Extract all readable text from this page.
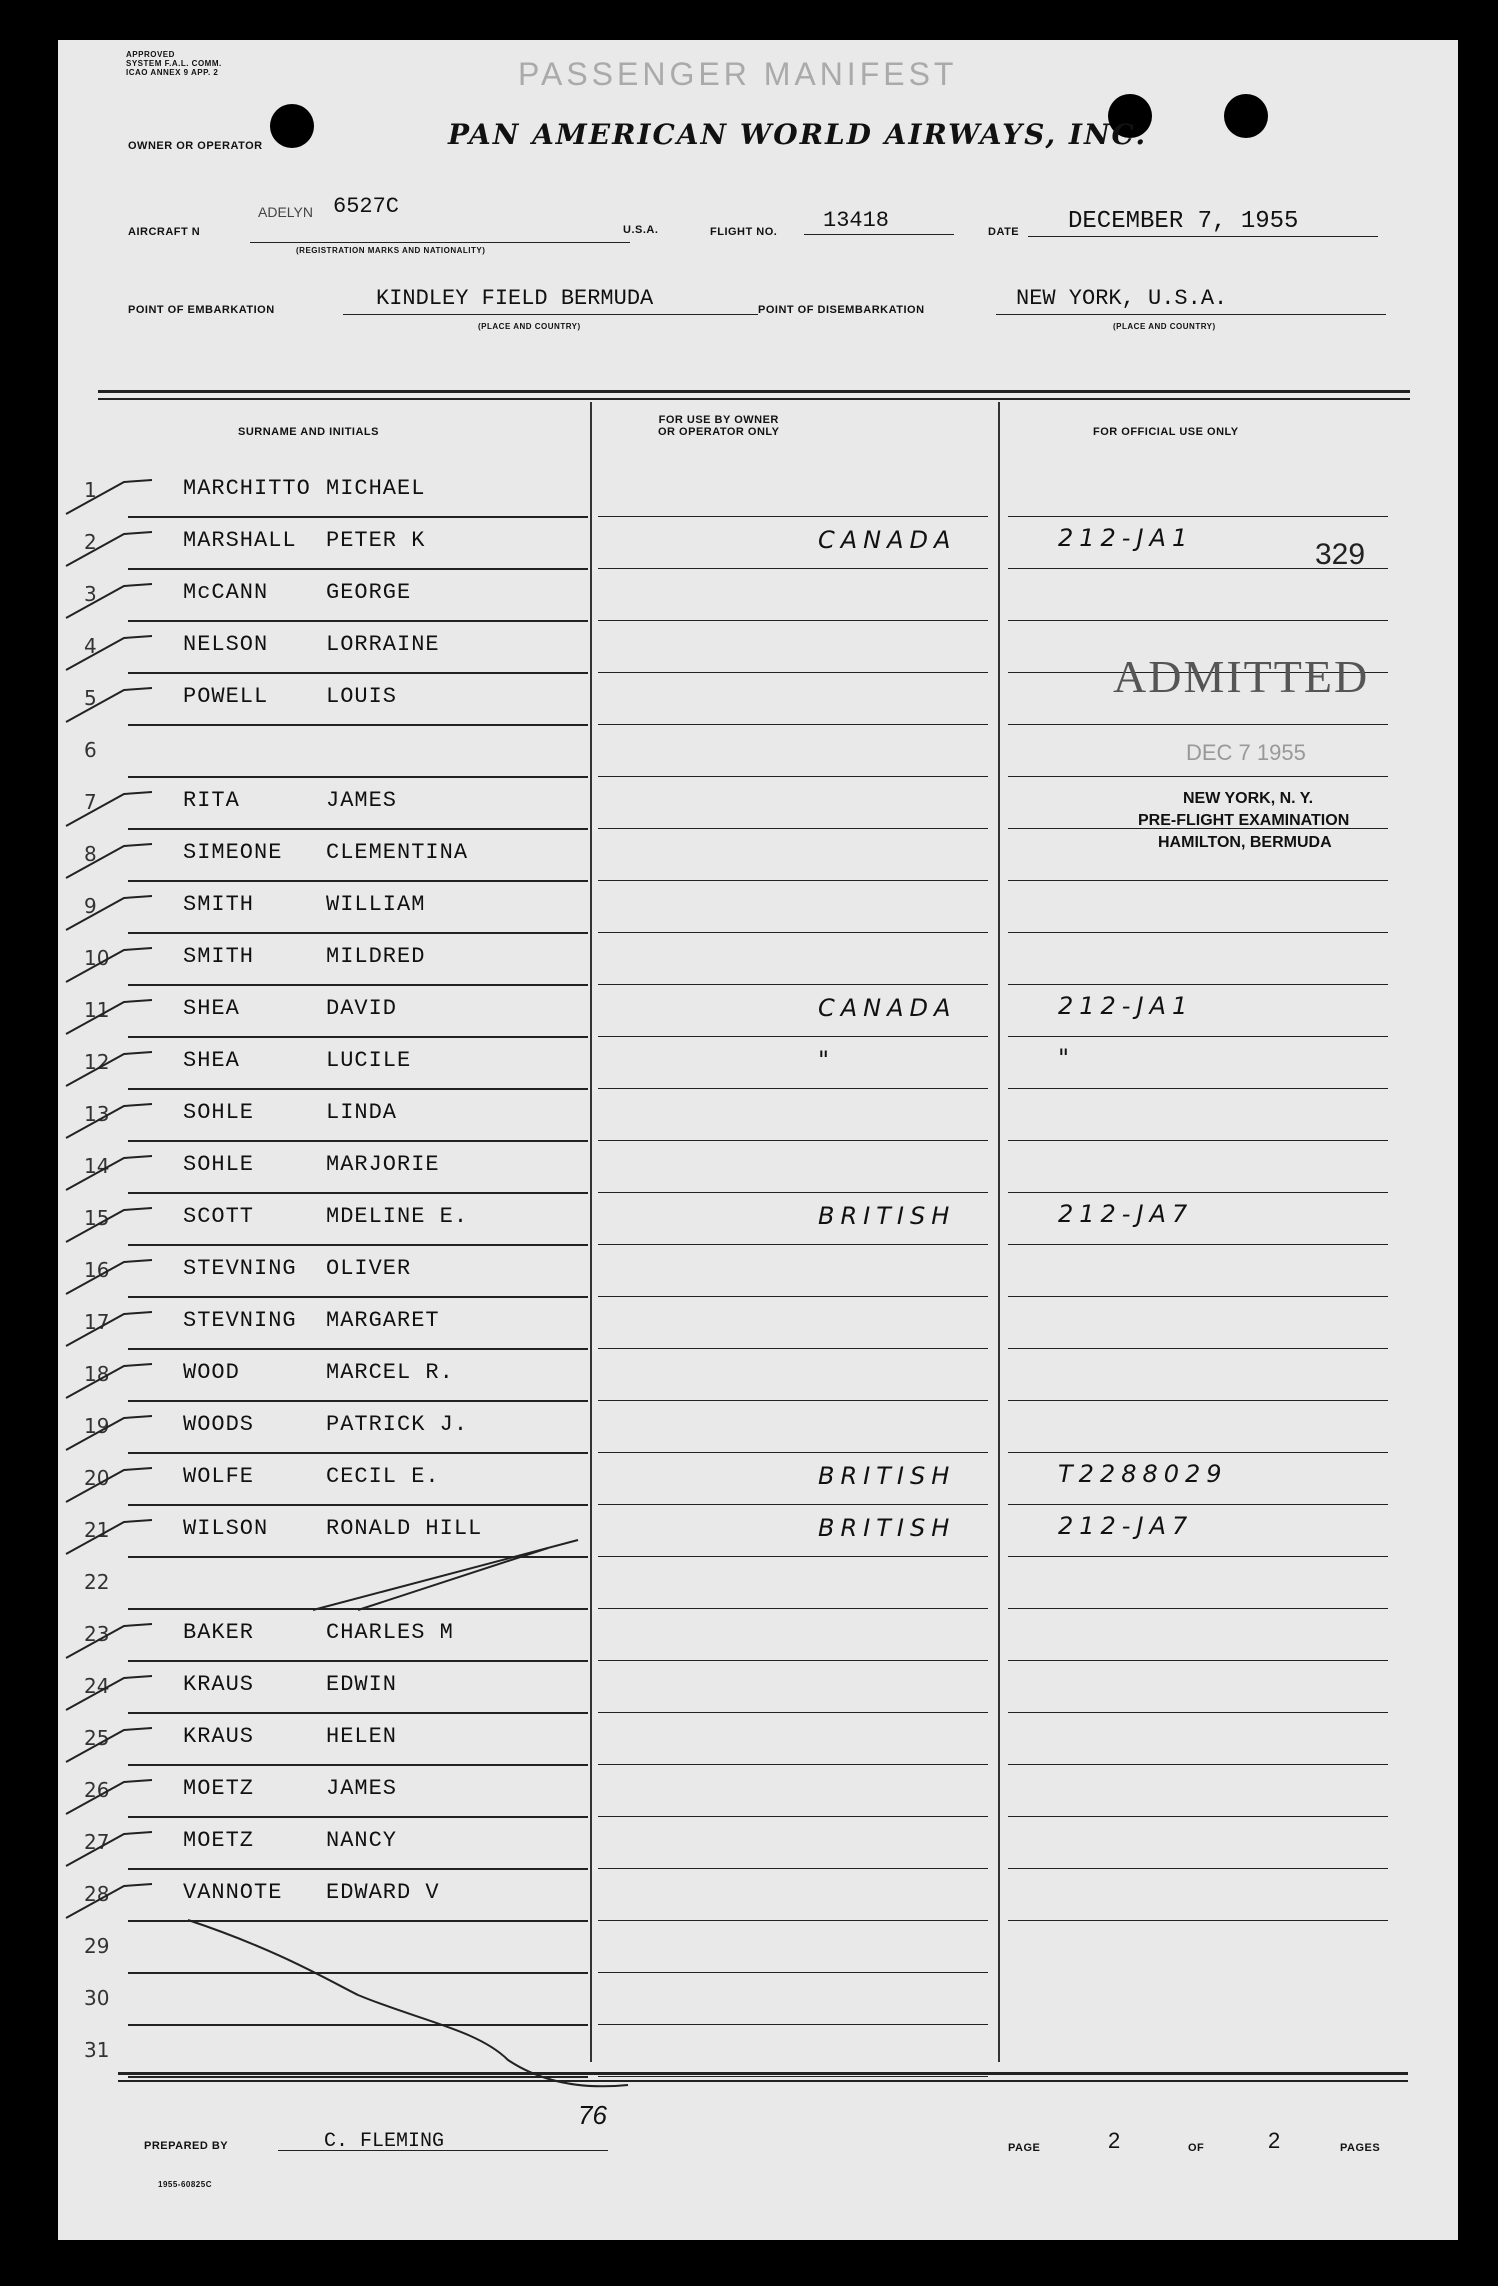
APPROVED
SYSTEM F.A.L. COMM.
ICAO ANNEX 9 APP. 2	PASSENGER MANIFEST
OWNER OR OPERATOR	PAN AMERICAN WORLD AIRWAYS, INC.
AIRCRAFT N
6527C
(REGISTRATION MARKS AND NATIONALITY)
U.S.A.	FLIGHT NO. 13418	DATE DECEMBER 7, 1955
POINT OF EMBARKATION	KINDLEY FIELD BERMUDA
(PLACE AND COUNTRY)
POINT OF DISEMBARKATION	NEW YORK, U.S.A.
(PLACE AND COUNTRY)
SURNAME AND INITIALS
FOR USE BY OWNER
OR OPERATOR ONLY	FOR OFFICIAL USE ONLY
1	MARCHITTO MICHAEL
2	MARSHALL PETER K	CANADA	212-JA1
3	McCANN	GEORGE
4	NELSON	LORRAINE
5	POWELL	LOUIS
6
7	RITA	JAMES
8	SIMEONE CLEMENTINA
9	SMITH	WILLIAM
10	SMITH	MILDRED
11	SHEA	DAVID	CANADA	212-JA1
12	SHEA	LUCILE	"	"
13	SOHLE	LINDA
14	SOHLE	MARJORIE
15	SCOTT	MDELINE E.	BRITISH	212-JA7
16	STEVNING OLIVER
17	STEVNING MARGARET
18	WOOD	MARCEL R.
19	WOODS	PATRICK J.
20	WOLFE	CECIL E.	BRITISH	T2288029
21	WILSON	RONALD HILL	BRITISH	212-JA7
22
23	BAKER	CHARLES M
24	KRAUS	EDWIN
25	KRAUS	HELEN
26	MOETZ	JAMES
27	MOETZ	NANCY
28	VANNOTE EDWARD V
29
30
31
329
ADMITTED
DEC 7 1955
NEW YORK, N. Y.
PRE-FLIGHT EXAMINATION
HAMILTON, BERMUDA
76
PREPARED BY	C. FLEMING	PAGE	2	OF	2	PAGES
1955-60825C
ADELYN
